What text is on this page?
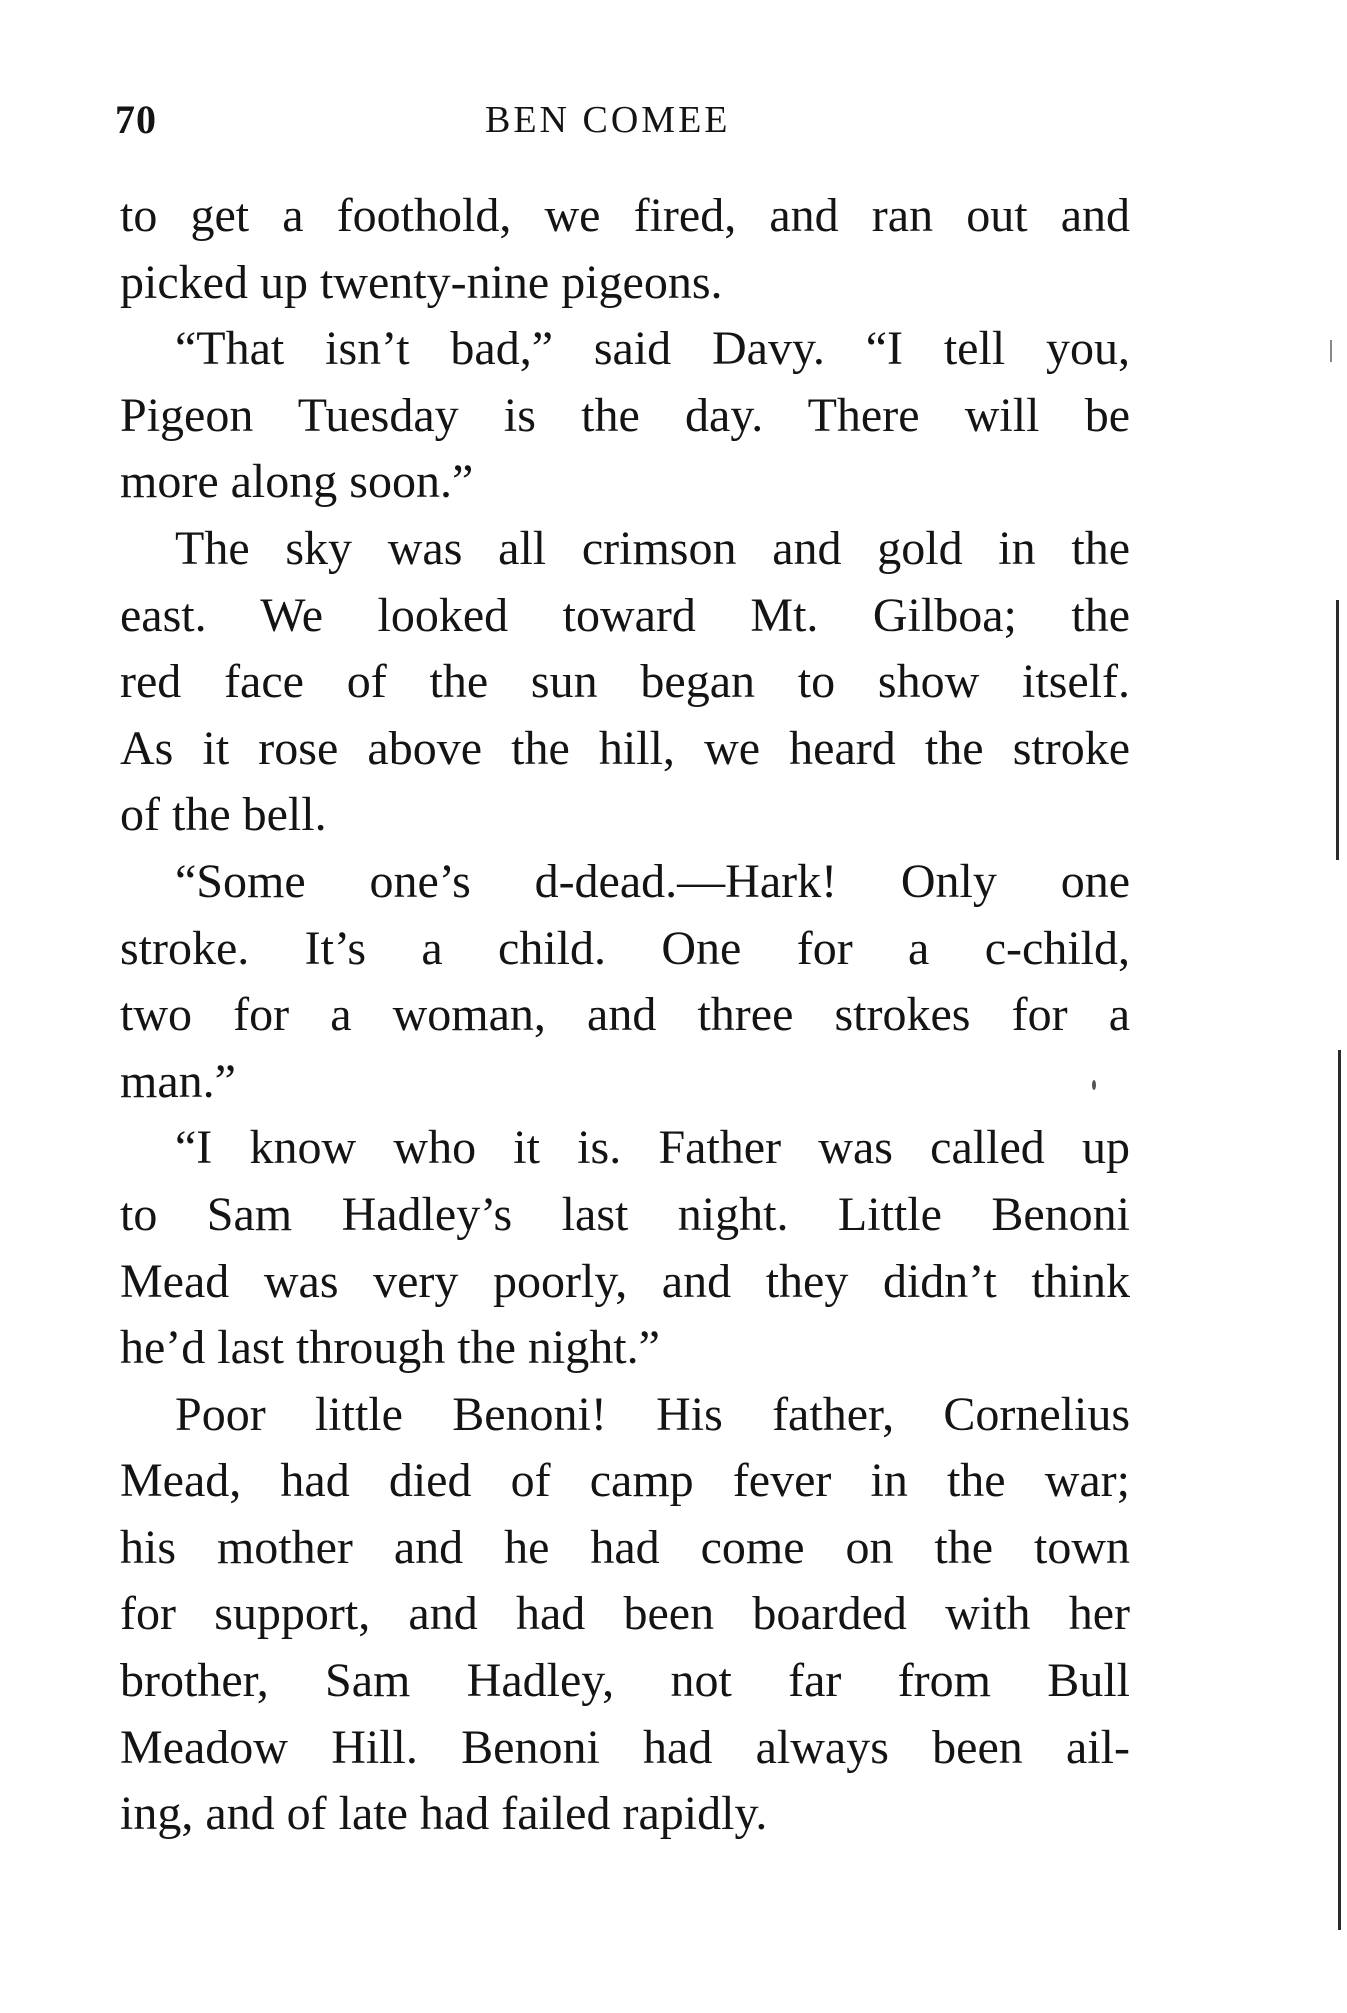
70	BEN COMEE
to get a foothold, we fired, and ran out and
picked up twenty-nine pigeons.
“That isn’t bad,” said Davy. “I tell you,
Pigeon Tuesday is the day. There will be
more along soon.”
The sky was all crimson and gold in the
east. We looked toward Mt. Gilboa; the
red face of the sun began to show itself.
As it rose above the hill, we heard the stroke
of the bell.
“Some one’s d-dead.—Hark! Only one
stroke. It’s a child. One for a c-child,
two for a woman, and three strokes for a
man.”
“I know who it is. Father was called up
to Sam Hadley’s last night. Little Benoni
Mead was very poorly, and they didn’t think
he’d last through the night.”
Poor little Benoni! His father, Cornelius
Mead, had died of camp fever in the war;
his mother and he had come on the town
for support, and had been boarded with her
brother, Sam Hadley, not far from Bull
Meadow Hill. Benoni had always been ail-
ing, and of late had failed rapidly.
